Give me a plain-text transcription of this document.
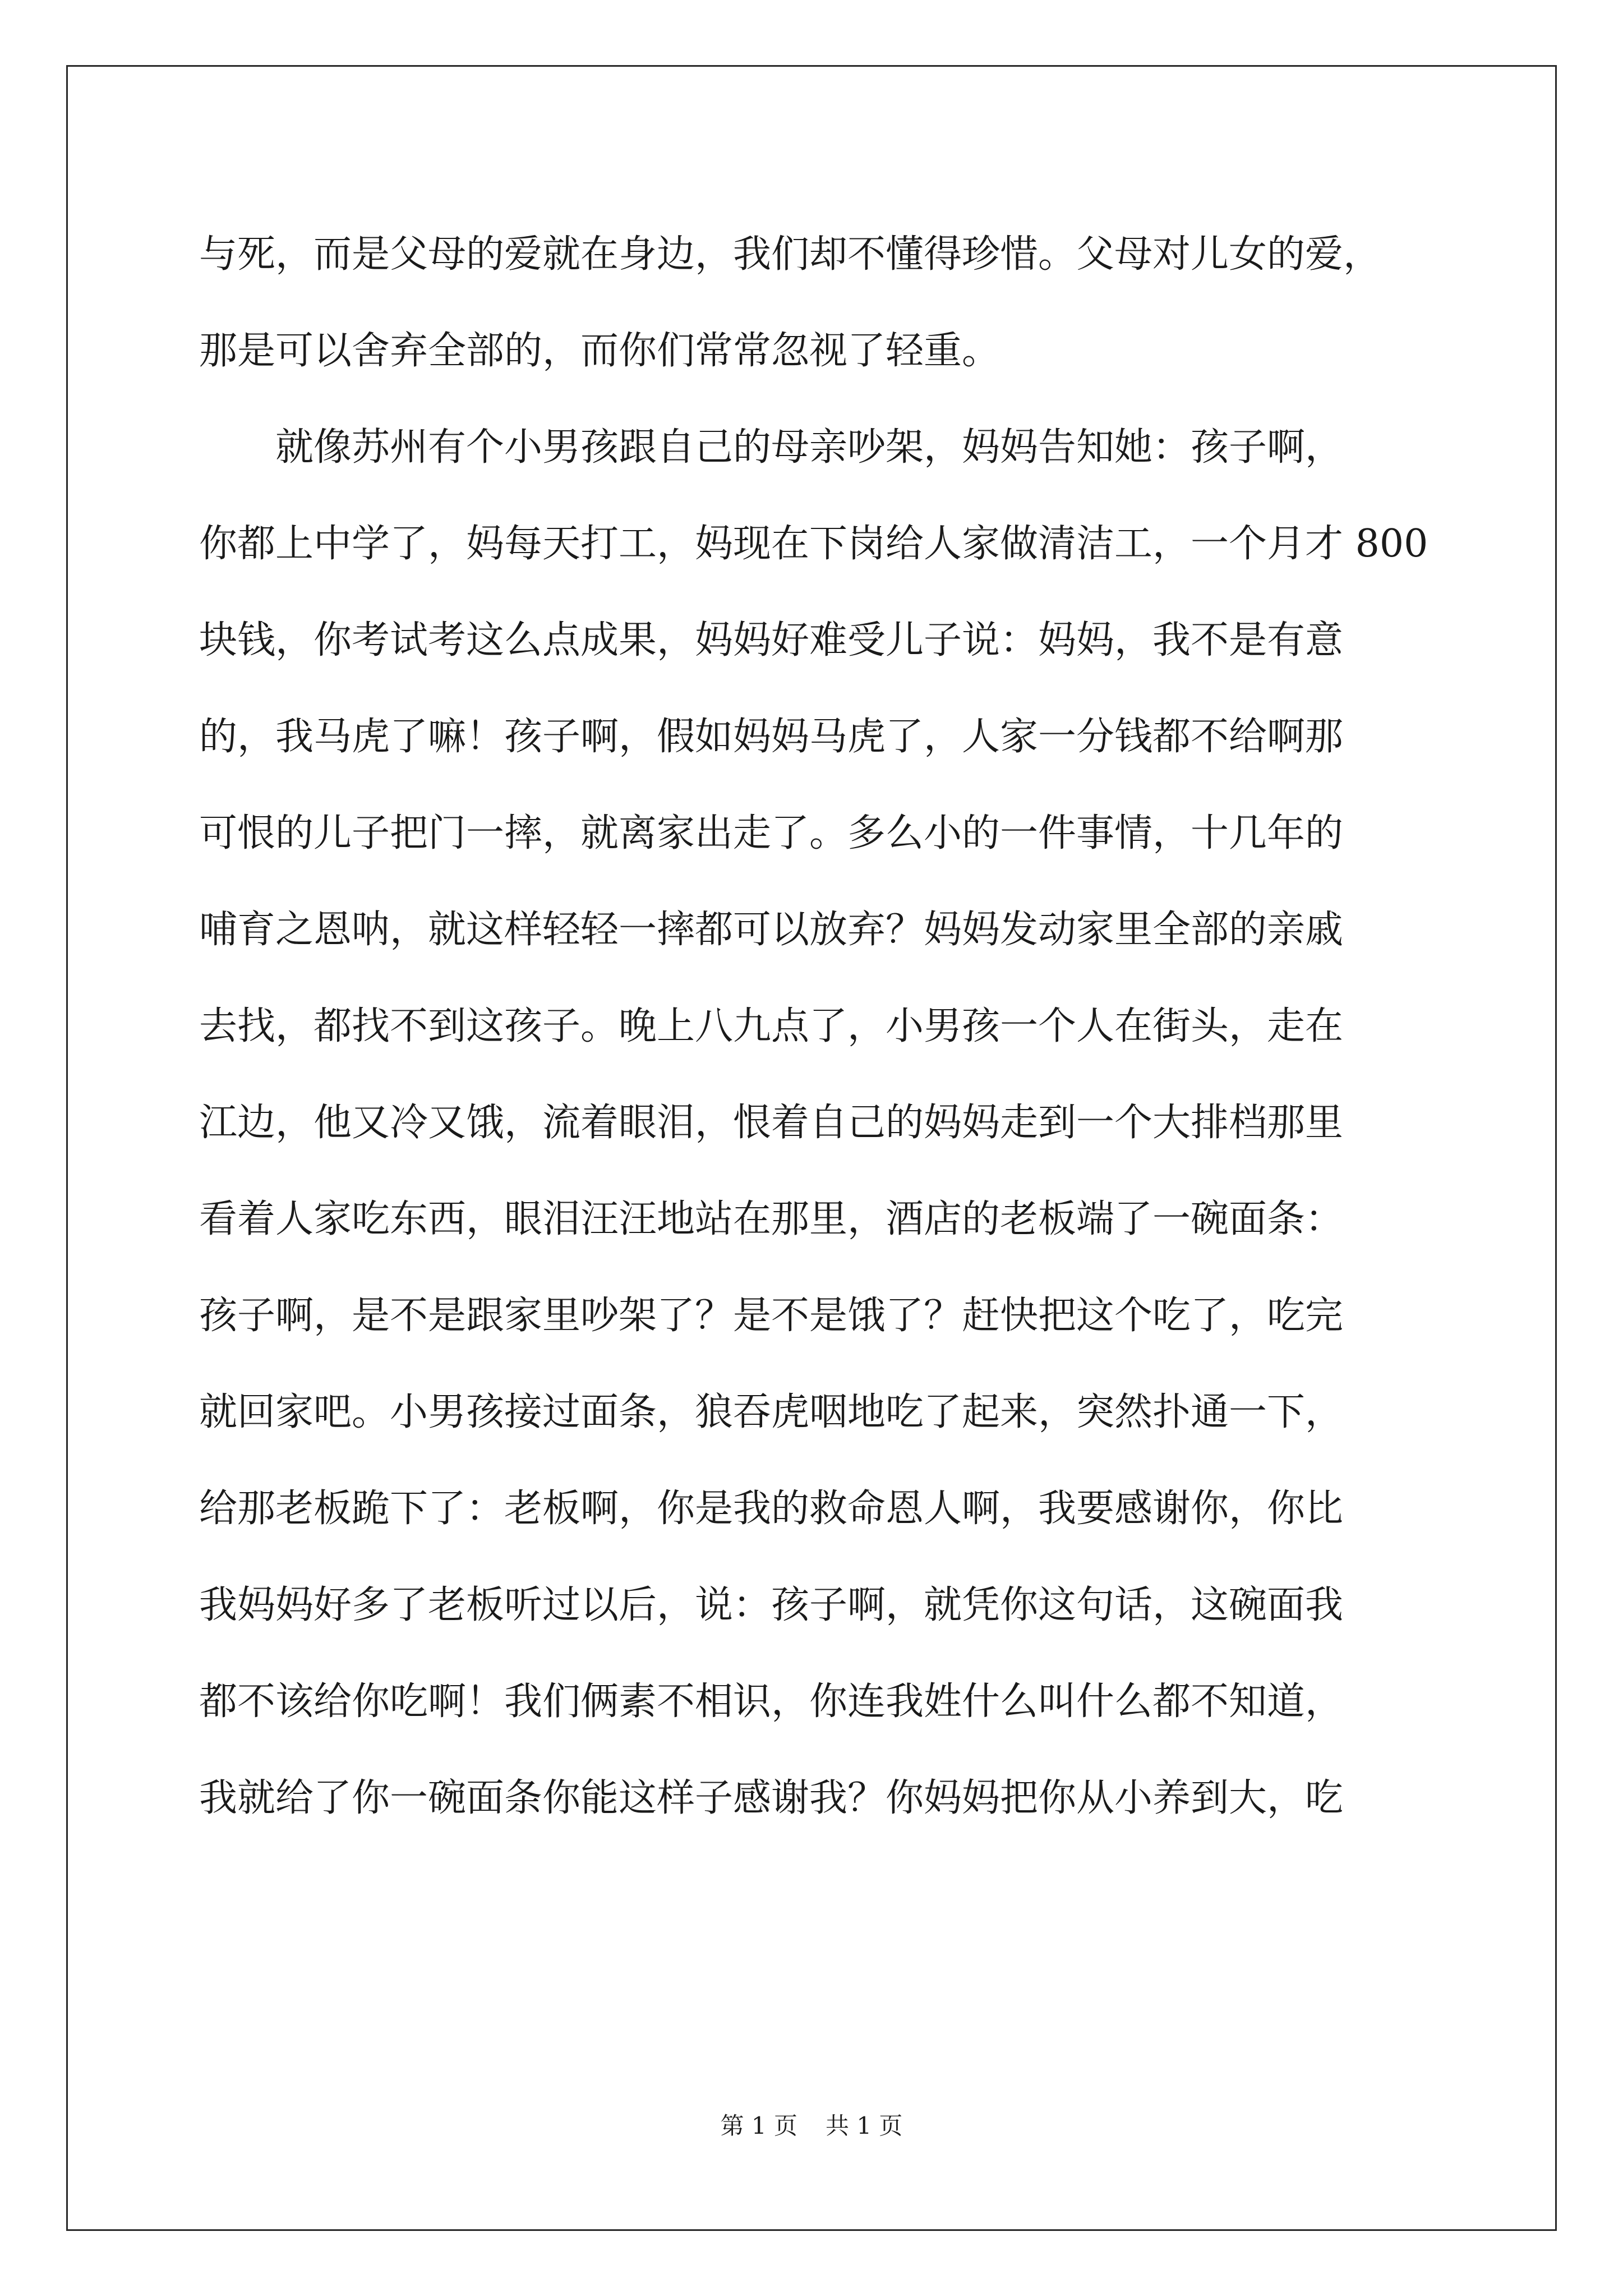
与死，而是父母的爱就在身边，我们却不懂得珍惜。父母对儿女的爱，
那是可以舍弃全部的，而你们常常忽视了轻重。
就像苏州有个小男孩跟自己的母亲吵架，妈妈告知她：孩子啊，
你都上中学了，妈每天打工，妈现在下岗给人家做清洁工，一个月才 800
块钱，你考试考这么点成果，妈妈好难受儿子说：妈妈，我不是有意
的，我马虎了嘛！孩子啊，假如妈妈马虎了，人家一分钱都不给啊那
可恨的儿子把门一摔，就离家出走了。多么小的一件事情，十几年的
哺育之恩呐，就这样轻轻一摔都可以放弃？妈妈发动家里全部的亲戚
去找，都找不到这孩子。晚上八九点了，小男孩一个人在街头，走在
江边，他又冷又饿，流着眼泪，恨着自己的妈妈走到一个大排档那里
看着人家吃东西，眼泪汪汪地站在那里，酒店的老板端了一碗面条：
孩子啊，是不是跟家里吵架了？是不是饿了？赶快把这个吃了，吃完
就回家吧。小男孩接过面条，狼吞虎咽地吃了起来，突然扑通一下，
给那老板跪下了：老板啊，你是我的救命恩人啊，我要感谢你，你比
我妈妈好多了老板听过以后，说：孩子啊，就凭你这句话，这碗面我
都不该给你吃啊！我们俩素不相识，你连我姓什么叫什么都不知道，
我就给了你一碗面条你能这样子感谢我？你妈妈把你从小养到大，吃
第 1 页 共 1 页
